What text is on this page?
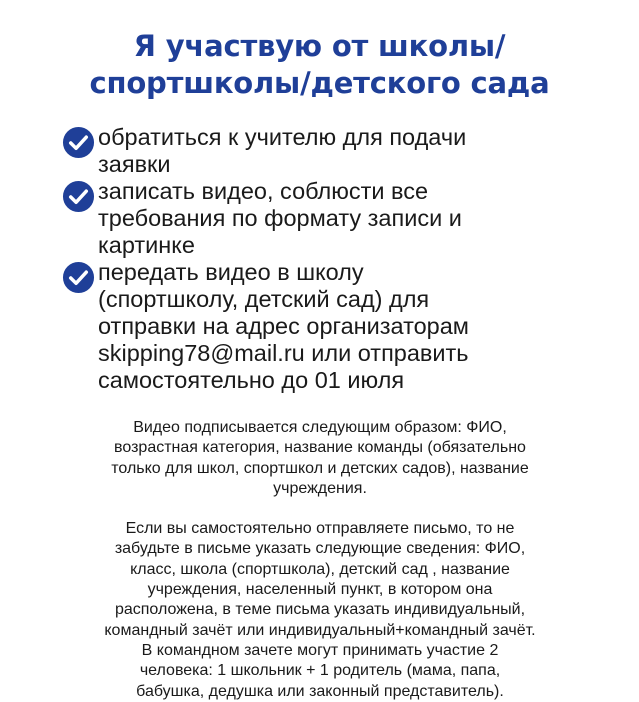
Я участвую от школы/
спортшколы/детского сада
обратиться к учителю для подачи
заявки
записать видео, соблюсти все
требования по формату записи и
картинке
передать видео в школу
(спортшколу, детский сад) для
отправки на адрес организаторам
skipping78@mail.ru или отправить
самостоятельно до 01 июля

Видео подписывается следующим образом: ФИО,
возрастная категория, название команды (обязательно
только для школ, спортшкол и детских садов), название
учреждения.

Если вы самостоятельно отправляете письмо, то не
забудьте в письме указать следующие сведения: ФИО,
класс, школа (спортшкола), детский сад , название
учреждения, населенный пункт, в котором она
расположена, в теме письма указать индивидуальный,
командный зачёт или индивидуальный+командный зачёт.
В командном зачете могут принимать участие 2
человека: 1 школьник + 1 родитель (мама, папа,
бабушка, дедушка или законный представитель).
